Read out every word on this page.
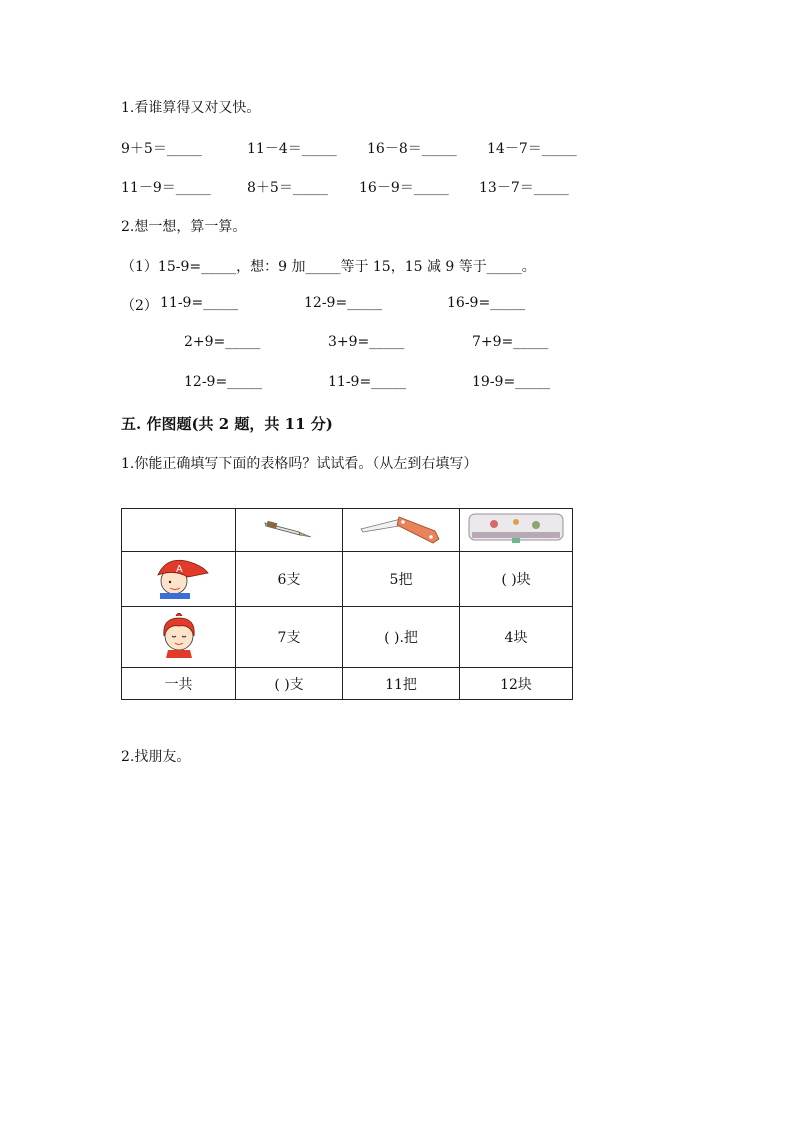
1.看谁算得又对又快。
9＋5＝_____	11－4＝_____ 16－8＝_____ 14－7＝_____
11－9＝_____	8＋5＝_____ 16－9＝_____ 13－7＝_____
2.想一想，算一算。
（1）15-9=_____，想：9 加_____等于 15，15 减 9 等于_____。
（2） 11-9=_____	12-9=_____	16-9=_____
2+9=_____	3+9=_____	7+9=_____
12-9=_____	11-9=_____	19-9=_____
五. 作图题(共 2 题，共 11 分)
1.你能正确填写下面的表格吗？试试看。（从左到右填写）

A	6支	5把	( )块
	7支	( ).把	4块
一共	( )支	11把	12块
2.找朋友。
